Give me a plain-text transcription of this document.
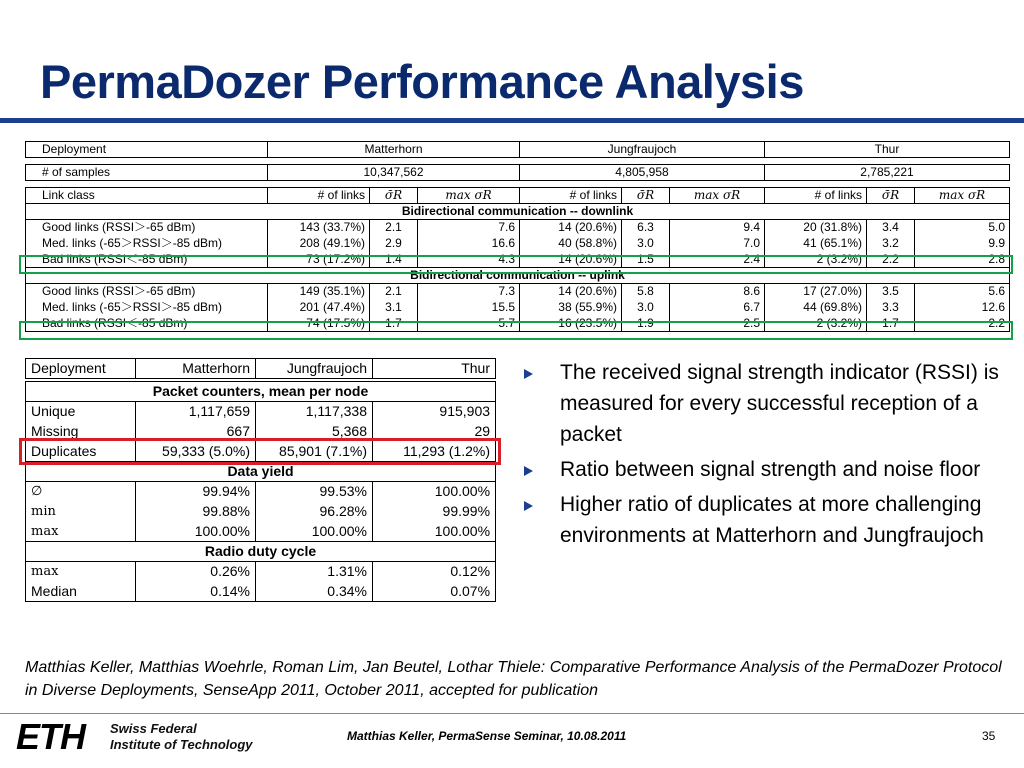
PermaDozer Performance Analysis
Deployment	Matterhorn	Jungfraujoch	Thur
# of samples	10,347,562	4,805,958	2,785,221
Link class	# of links	σ̄R	max σR	# of links	σ̄R	max σR	# of links	σ̄R	max σR
Bidirectional communication -- downlink									
Good links (RSSI＞-65 dBm)	143 (33.7%)	2.1	7.6	14 (20.6%)	6.3	9.4	20 (31.8%)	3.4	5.0
Med. links (-65＞RSSI＞-85 dBm)	208 (49.1%)	2.9	16.6	40 (58.8%)	3.0	7.0	41 (65.1%)	3.2	9.9
Bad links (RSSI＜-85 dBm)	73 (17.2%)	1.4	4.3	14 (20.6%)	1.5	2.4	2 (3.2%)	2.2	2.8
Bidirectional communication -- uplink									
Good links (RSSI＞-65 dBm)	149 (35.1%)	2.1	7.3	14 (20.6%)	5.8	8.6	17 (27.0%)	3.5	5.6
Med. links (-65＞RSSI＞-85 dBm)	201 (47.4%)	3.1	15.5	38 (55.9%)	3.0	6.7	44 (69.8%)	3.3	12.6
Bad links (RSSI＜-85 dBm)	74 (17.5%)	1.7	5.7	16 (23.5%)	1.9	2.5	2 (3.2%)	1.7	2.2
Deployment	Matterhorn	Jungfraujoch	Thur
Packet counters, mean per node			
Unique	1,117,659	1,117,338	915,903
Missing	667	5,368	29
Duplicates	59,333 (5.0%)	85,901 (7.1%)	11,293 (1.2%)
Data yield			
∅	99.94%	99.53%	100.00%
min	99.88%	96.28%	99.99%
max	100.00%	100.00%	100.00%
Radio duty cycle			
max	0.26%	1.31%	0.12%
Median	0.14%	0.34%	0.07%
The received signal strength indicator (RSSI) is measured for every successful reception of a packet
Ratio between signal strength and noise floor
Higher ratio of duplicates at more challenging environments at Matterhorn and Jungfraujoch
Matthias Keller, Matthias Woehrle, Roman Lim, Jan Beutel, Lothar Thiele: Comparative Performance Analysis of the PermaDozer Protocol in Diverse Deployments, SenseApp 2011, October 2011, accepted for publication
ETH Swiss Federal
Institute of Technology
Matthias Keller, PermaSense Seminar, 10.08.2011	35
